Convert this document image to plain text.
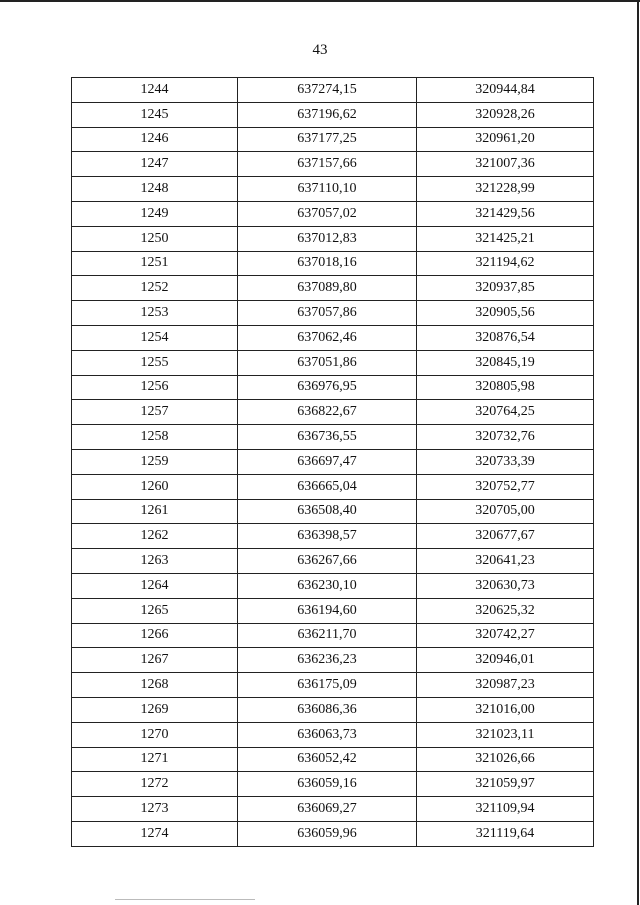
43
1244	637274,15	320944,84
1245	637196,62	320928,26
1246	637177,25	320961,20
1247	637157,66	321007,36
1248	637110,10	321228,99
1249	637057,02	321429,56
1250	637012,83	321425,21
1251	637018,16	321194,62
1252	637089,80	320937,85
1253	637057,86	320905,56
1254	637062,46	320876,54
1255	637051,86	320845,19
1256	636976,95	320805,98
1257	636822,67	320764,25
1258	636736,55	320732,76
1259	636697,47	320733,39
1260	636665,04	320752,77
1261	636508,40	320705,00
1262	636398,57	320677,67
1263	636267,66	320641,23
1264	636230,10	320630,73
1265	636194,60	320625,32
1266	636211,70	320742,27
1267	636236,23	320946,01
1268	636175,09	320987,23
1269	636086,36	321016,00
1270	636063,73	321023,11
1271	636052,42	321026,66
1272	636059,16	321059,97
1273	636069,27	321109,94
1274	636059,96	321119,64
